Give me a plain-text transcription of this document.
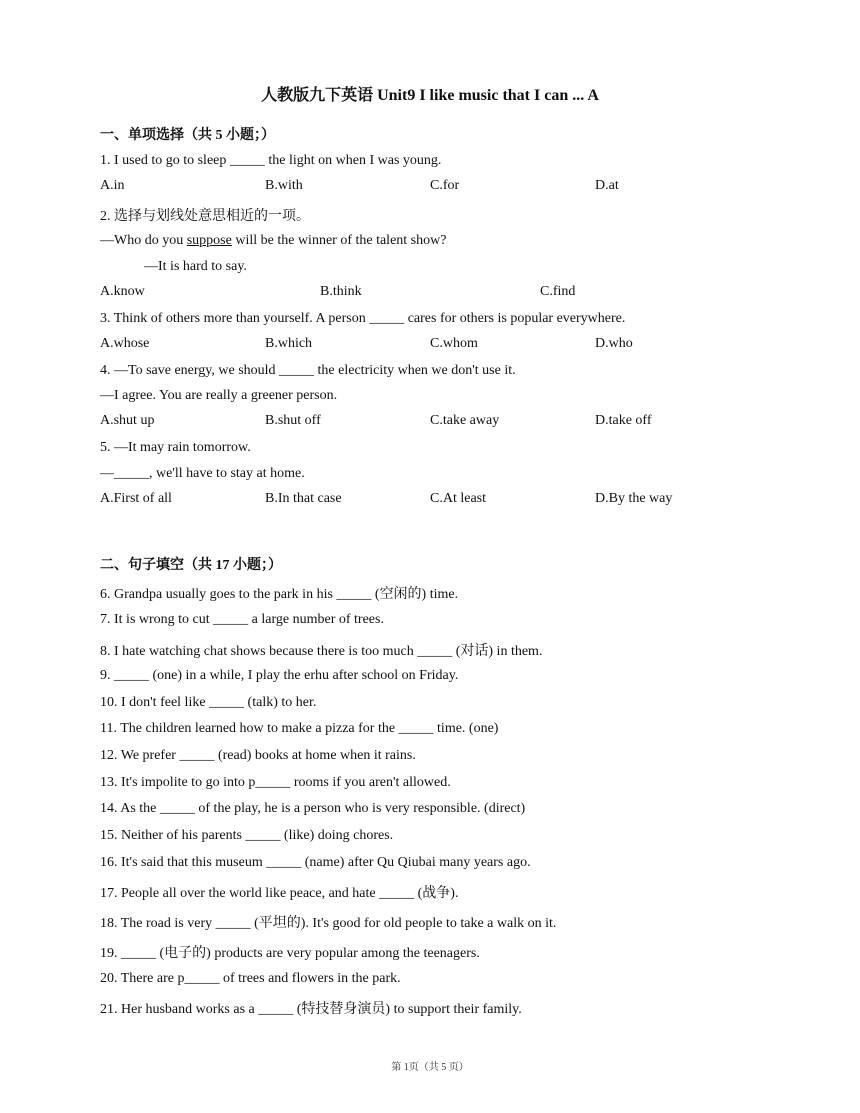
人教版九下英语 Unit9 I like music that I can ... A
一、单项选择（共 5 小题；）
1. I used to go to sleep _____ the light on when I was young.
A.in	B.with	C.for	D.at
2. 选择与划线处意思相近的一项。
—Who do you suppose will be the winner of the talent show?
—It is hard to say.
A.know	B.think	C.find
3. Think of others more than yourself. A person _____ cares for others is popular everywhere.
A.whose	B.which	C.whom	D.who
4. —To save energy, we should _____ the electricity when we don't use it.
—I agree. You are really a greener person.
A.shut up	B.shut off	C.take away	D.take off
5. —It may rain tomorrow.
—_____, we'll have to stay at home.
A.First of all	B.In that case	C.At least	D.By the way
二、句子填空（共 17 小题；）
6. Grandpa usually goes to the park in his _____ (空闲的) time.
7. It is wrong to cut _____ a large number of trees.
8. I hate watching chat shows because there is too much _____ (对话) in them.
9. _____ (one) in a while, I play the erhu after school on Friday.
10. I don't feel like _____ (talk) to her.
11. The children learned how to make a pizza for the _____ time. (one)
12. We prefer _____ (read) books at home when it rains.
13. It's impolite to go into p_____ rooms if you aren't allowed.
14. As the _____ of the play, he is a person who is very responsible. (direct)
15. Neither of his parents _____ (like) doing chores.
16. It's said that this museum _____ (name) after Qu Qiubai many years ago.
17. People all over the world like peace, and hate _____ (战争).
18. The road is very _____ (平坦的). It's good for old people to take a walk on it.
19. _____ (电子的) products are very popular among the teenagers.
20. There are p_____ of trees and flowers in the park.
21. Her husband works as a _____ (特技替身演员) to support their family.
第 1页（共 5 页）
